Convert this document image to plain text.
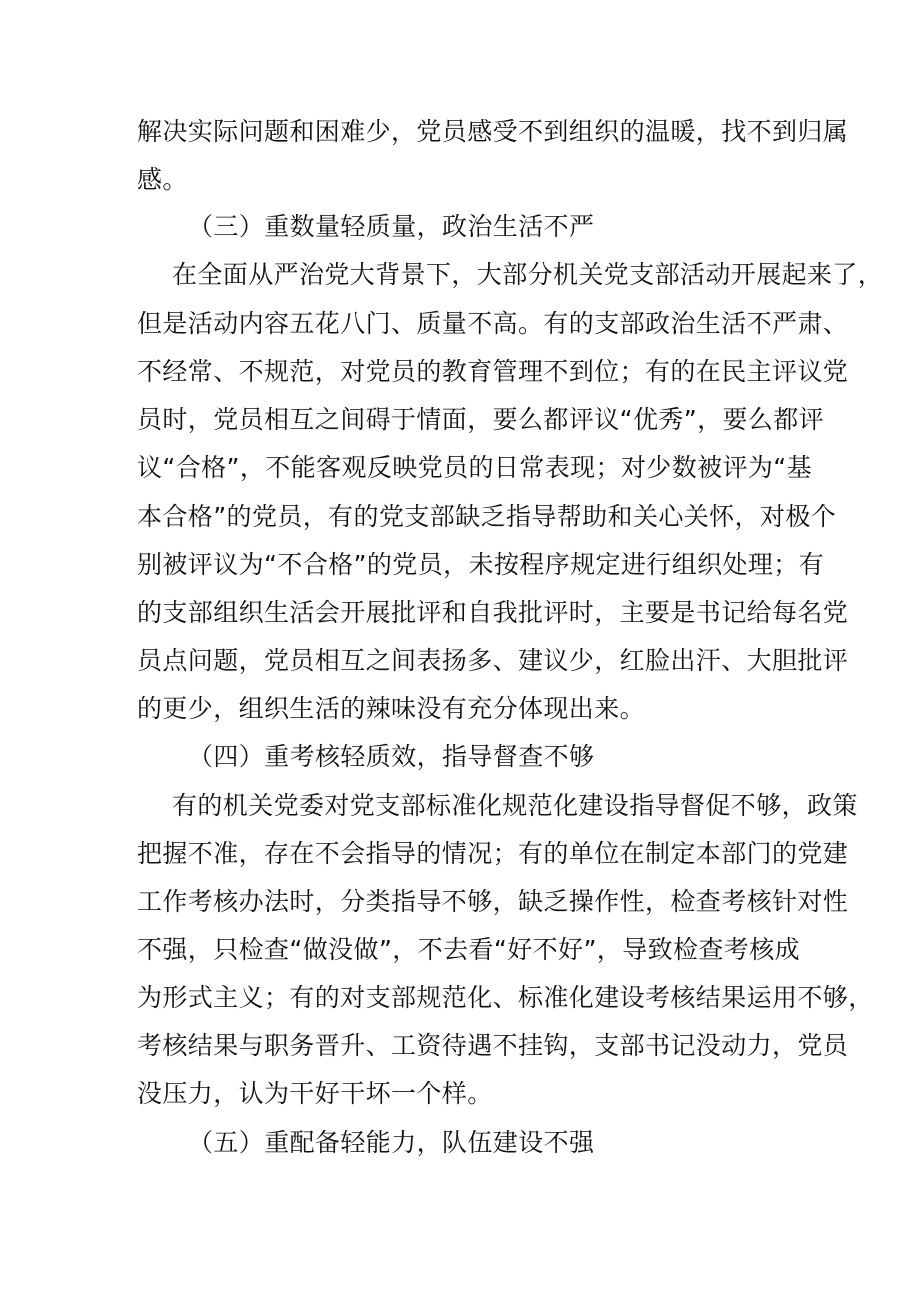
解决实际问题和困难少，党员感受不到组织的温暖，找不到归属

感。

（三）重数量轻质量，政治生活不严

在全面从严治党大背景下，大部分机关党支部活动开展起来了，

但是活动内容五花八门、质量不高。有的支部政治生活不严肃、

不经常、不规范，对党员的教育管理不到位；有的在民主评议党

员时，党员相互之间碍于情面，要么都评议“优秀”，要么都评

议“合格”，不能客观反映党员的日常表现；对少数被评为“基

本合格”的党员，有的党支部缺乏指导帮助和关心关怀，对极个

别被评议为“不合格”的党员，未按程序规定进行组织处理；有

的支部组织生活会开展批评和自我批评时，主要是书记给每名党

员点问题，党员相互之间表扬多、建议少，红脸出汗、大胆批评

的更少，组织生活的辣味没有充分体现出来。

（四）重考核轻质效，指导督查不够

有的机关党委对党支部标准化规范化建设指导督促不够，政策

把握不准，存在不会指导的情况；有的单位在制定本部门的党建

工作考核办法时，分类指导不够，缺乏操作性，检查考核针对性

不强，只检查“做没做”，不去看“好不好”，导致检查考核成

为形式主义；有的对支部规范化、标准化建设考核结果运用不够，

考核结果与职务晋升、工资待遇不挂钩，支部书记没动力，党员

没压力，认为干好干坏一个样。

（五）重配备轻能力，队伍建设不强
